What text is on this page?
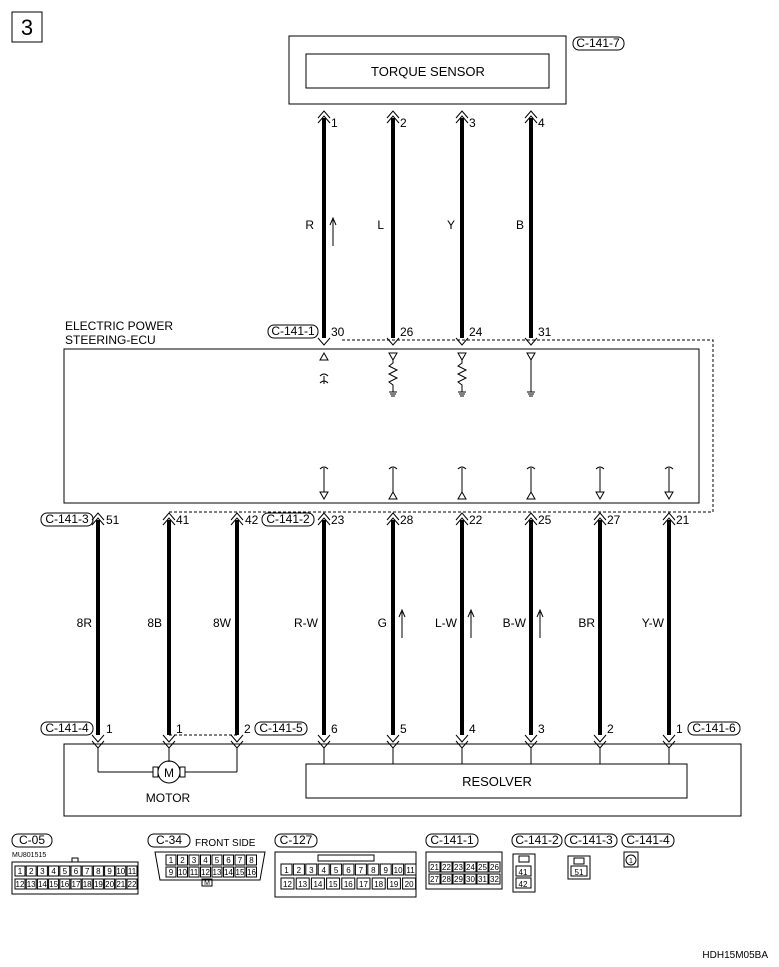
3
TORQUE SENSOR
C-141-7
ELECTRIC POWER
STEERING-ECU
1
R
30
2
L
26
3
Y
24
4
B
31
C-141-1
C-141-3	C-141-2
C-141-4	C-141-5	C-141-6
51
8R
1
41
8B
1
42
8W
2
23
R-W
6
28
G
5
22
L-W
4
25
B-W
3
27
BR
2
21
Y-W
1
M
MOTOR
RESOLVER
C-05
MU801515
1 2 3 4 5 6 7 8 9 10 11
12 13 14 15 16 17 18 19 20 21 22
C-34 FRONT SIDE
1 2 3 4 5 6 7 8
9 10 11 12 13 14 15 16
M
C-127
1 2 3 4 5 6 7 8 9 10 11
12 13 14 15 16 17 18 19 20
C-141-1
21 22 23 24 25 26
27 28 29 30 31 32
C-141-2
41
42
C-141-3
51
C-141-4
1
HDH15M05BA
